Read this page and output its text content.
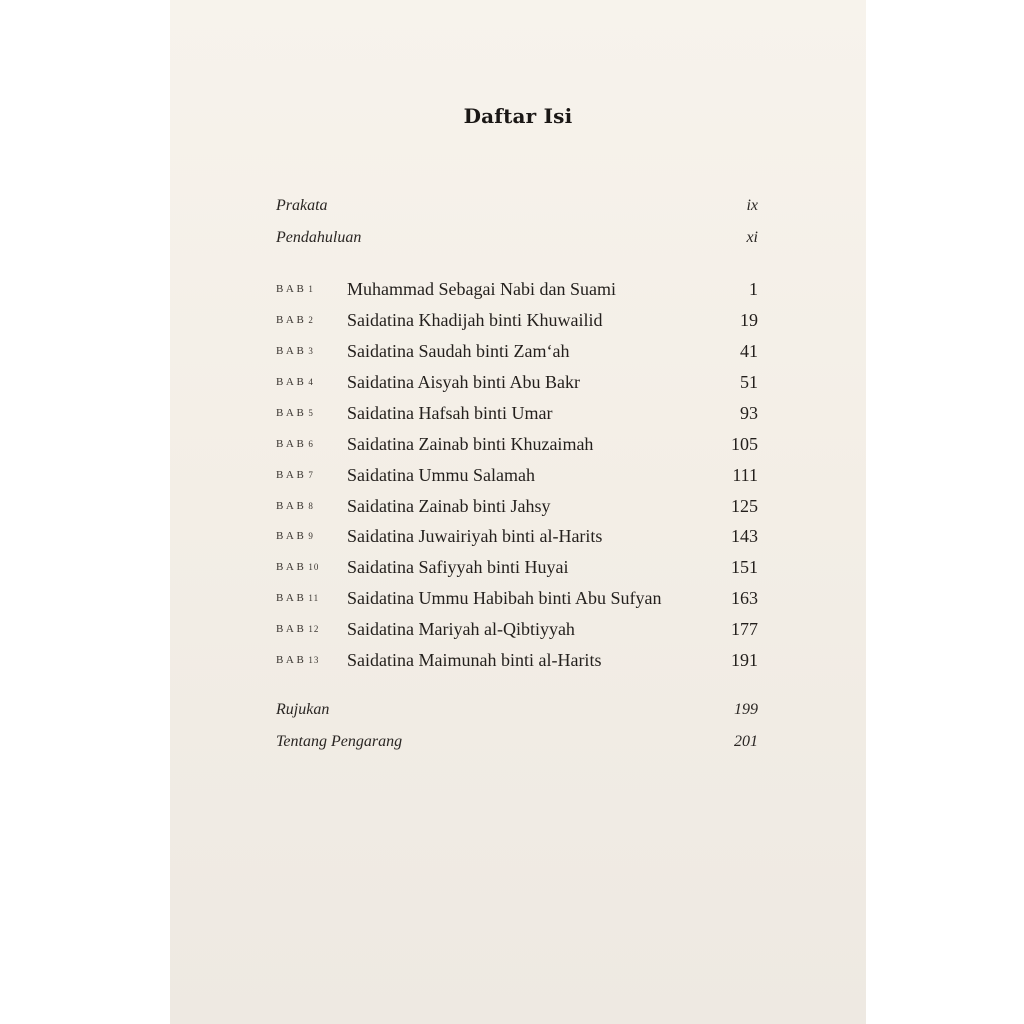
Daftar Isi
Prakata	ix
Pendahuluan	xi
BAB 1 Muhammad Sebagai Nabi dan Suami	1
BAB 2 Saidatina Khadijah binti Khuwailid	19
BAB 3 Saidatina Saudah binti Zam‘ah	41
BAB 4 Saidatina Aisyah binti Abu Bakr	51
BAB 5 Saidatina Hafsah binti Umar	93
BAB 6 Saidatina Zainab binti Khuzaimah	105
BAB 7 Saidatina Ummu Salamah	111
BAB 8 Saidatina Zainab binti Jahsy	125
BAB 9 Saidatina Juwairiyah binti al-Harits	143
BAB 10 Saidatina Safiyyah binti Huyai	151
BAB 11 Saidatina Ummu Habibah binti Abu Sufyan	163
BAB 12 Saidatina Mariyah al-Qibtiyyah	177
BAB 13 Saidatina Maimunah binti al-Harits	191
Rujukan	199
Tentang Pengarang	201
